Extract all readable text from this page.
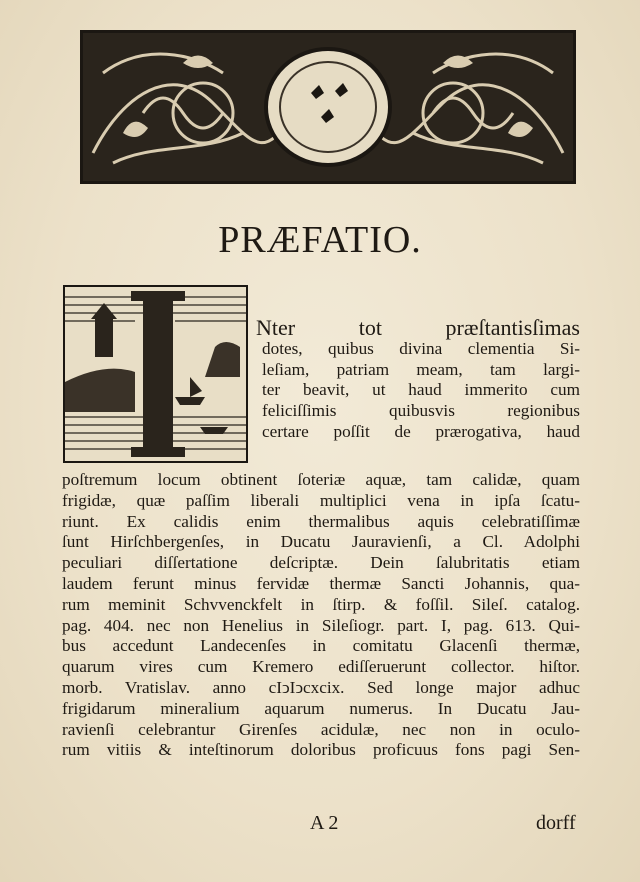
PRÆFATIO.
Nter tot præſtantisſimas
dotes, quibus divina clementia Si-
leſiam, patriam meam, tam largi-
ter beavit, ut haud immerito cum
feliciſſimis quibusvis regionibus
certare poſſit de prærogativa, haud
poſtremum locum obtinent ſoteriæ aquæ, tam calidæ, quam
frigidæ, quæ paſſim liberali multiplici vena in ipſa ſcatu-
riunt. Ex calidis enim thermalibus aquis celebratiſſimæ
ſunt Hirſchbergenſes, in Ducatu Jauravienſi, a Cl. Adolphi
peculiari diſſertatione deſcriptæ. Dein ſalubritatis etiam
laudem ferunt minus fervidæ thermæ Sancti Johannis, qua-
rum meminit Schvvenckfelt in ſtirp. & foſſil. Sileſ. catalog.
pag. 404. nec non Henelius in Sileſiogr. part. I, pag. 613. Qui-
bus accedunt Landecenſes in comitatu Glacenſi thermæ,
quarum vires cum Kremero ediſſeruerunt collector. hiſtor.
morb. Vratislav. anno cIↄIↄcxcix. Sed longe major adhuc
frigidarum mineralium aquarum numerus. In Ducatu Jau-
ravienſi celebrantur Girenſes acidulæ, nec non in oculo-
rum vitiis & inteſtinorum doloribus proficuus fons pagi Sen-
A 2	dorff
